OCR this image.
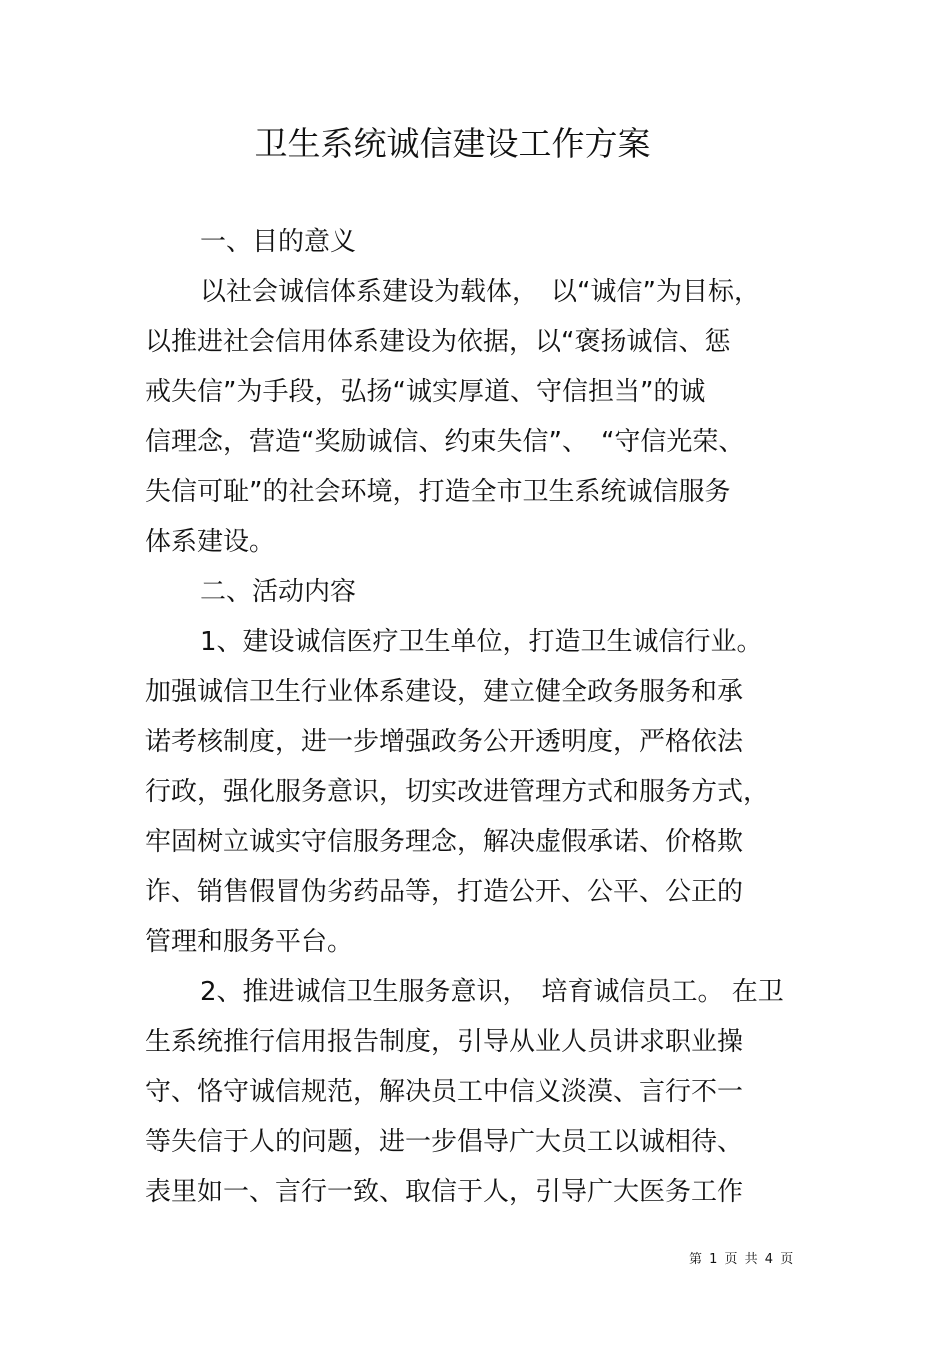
卫生系统诚信建设工作方案
一、目的意义
以社会诚信体系建设为载体，　以“诚信”为目标，
以推进社会信用体系建设为依据，以“褒扬诚信、惩
戒失信”为手段，弘扬“诚实厚道、守信担当”的诚
信理念，营造“奖励诚信、约束失信”、　“守信光荣、
失信可耻”的社会环境，打造全市卫生系统诚信服务
体系建设。
二、活动内容
1、建设诚信医疗卫生单位，打造卫生诚信行业。
加强诚信卫生行业体系建设，建立健全政务服务和承
诺考核制度，进一步增强政务公开透明度，严格依法
行政，强化服务意识，切实改进管理方式和服务方式，
牢固树立诚实守信服务理念，解决虚假承诺、价格欺
诈、销售假冒伪劣药品等，打造公开、公平、公正的
管理和服务平台。
2、推进诚信卫生服务意识，　培育诚信员工。 在卫
生系统推行信用报告制度，引导从业人员讲求职业操
守、恪守诚信规范，解决员工中信义淡漠、言行不一
等失信于人的问题，进一步倡导广大员工以诚相待、
表里如一、言行一致、取信于人，引导广大医务工作
第 1 页 共 4 页
